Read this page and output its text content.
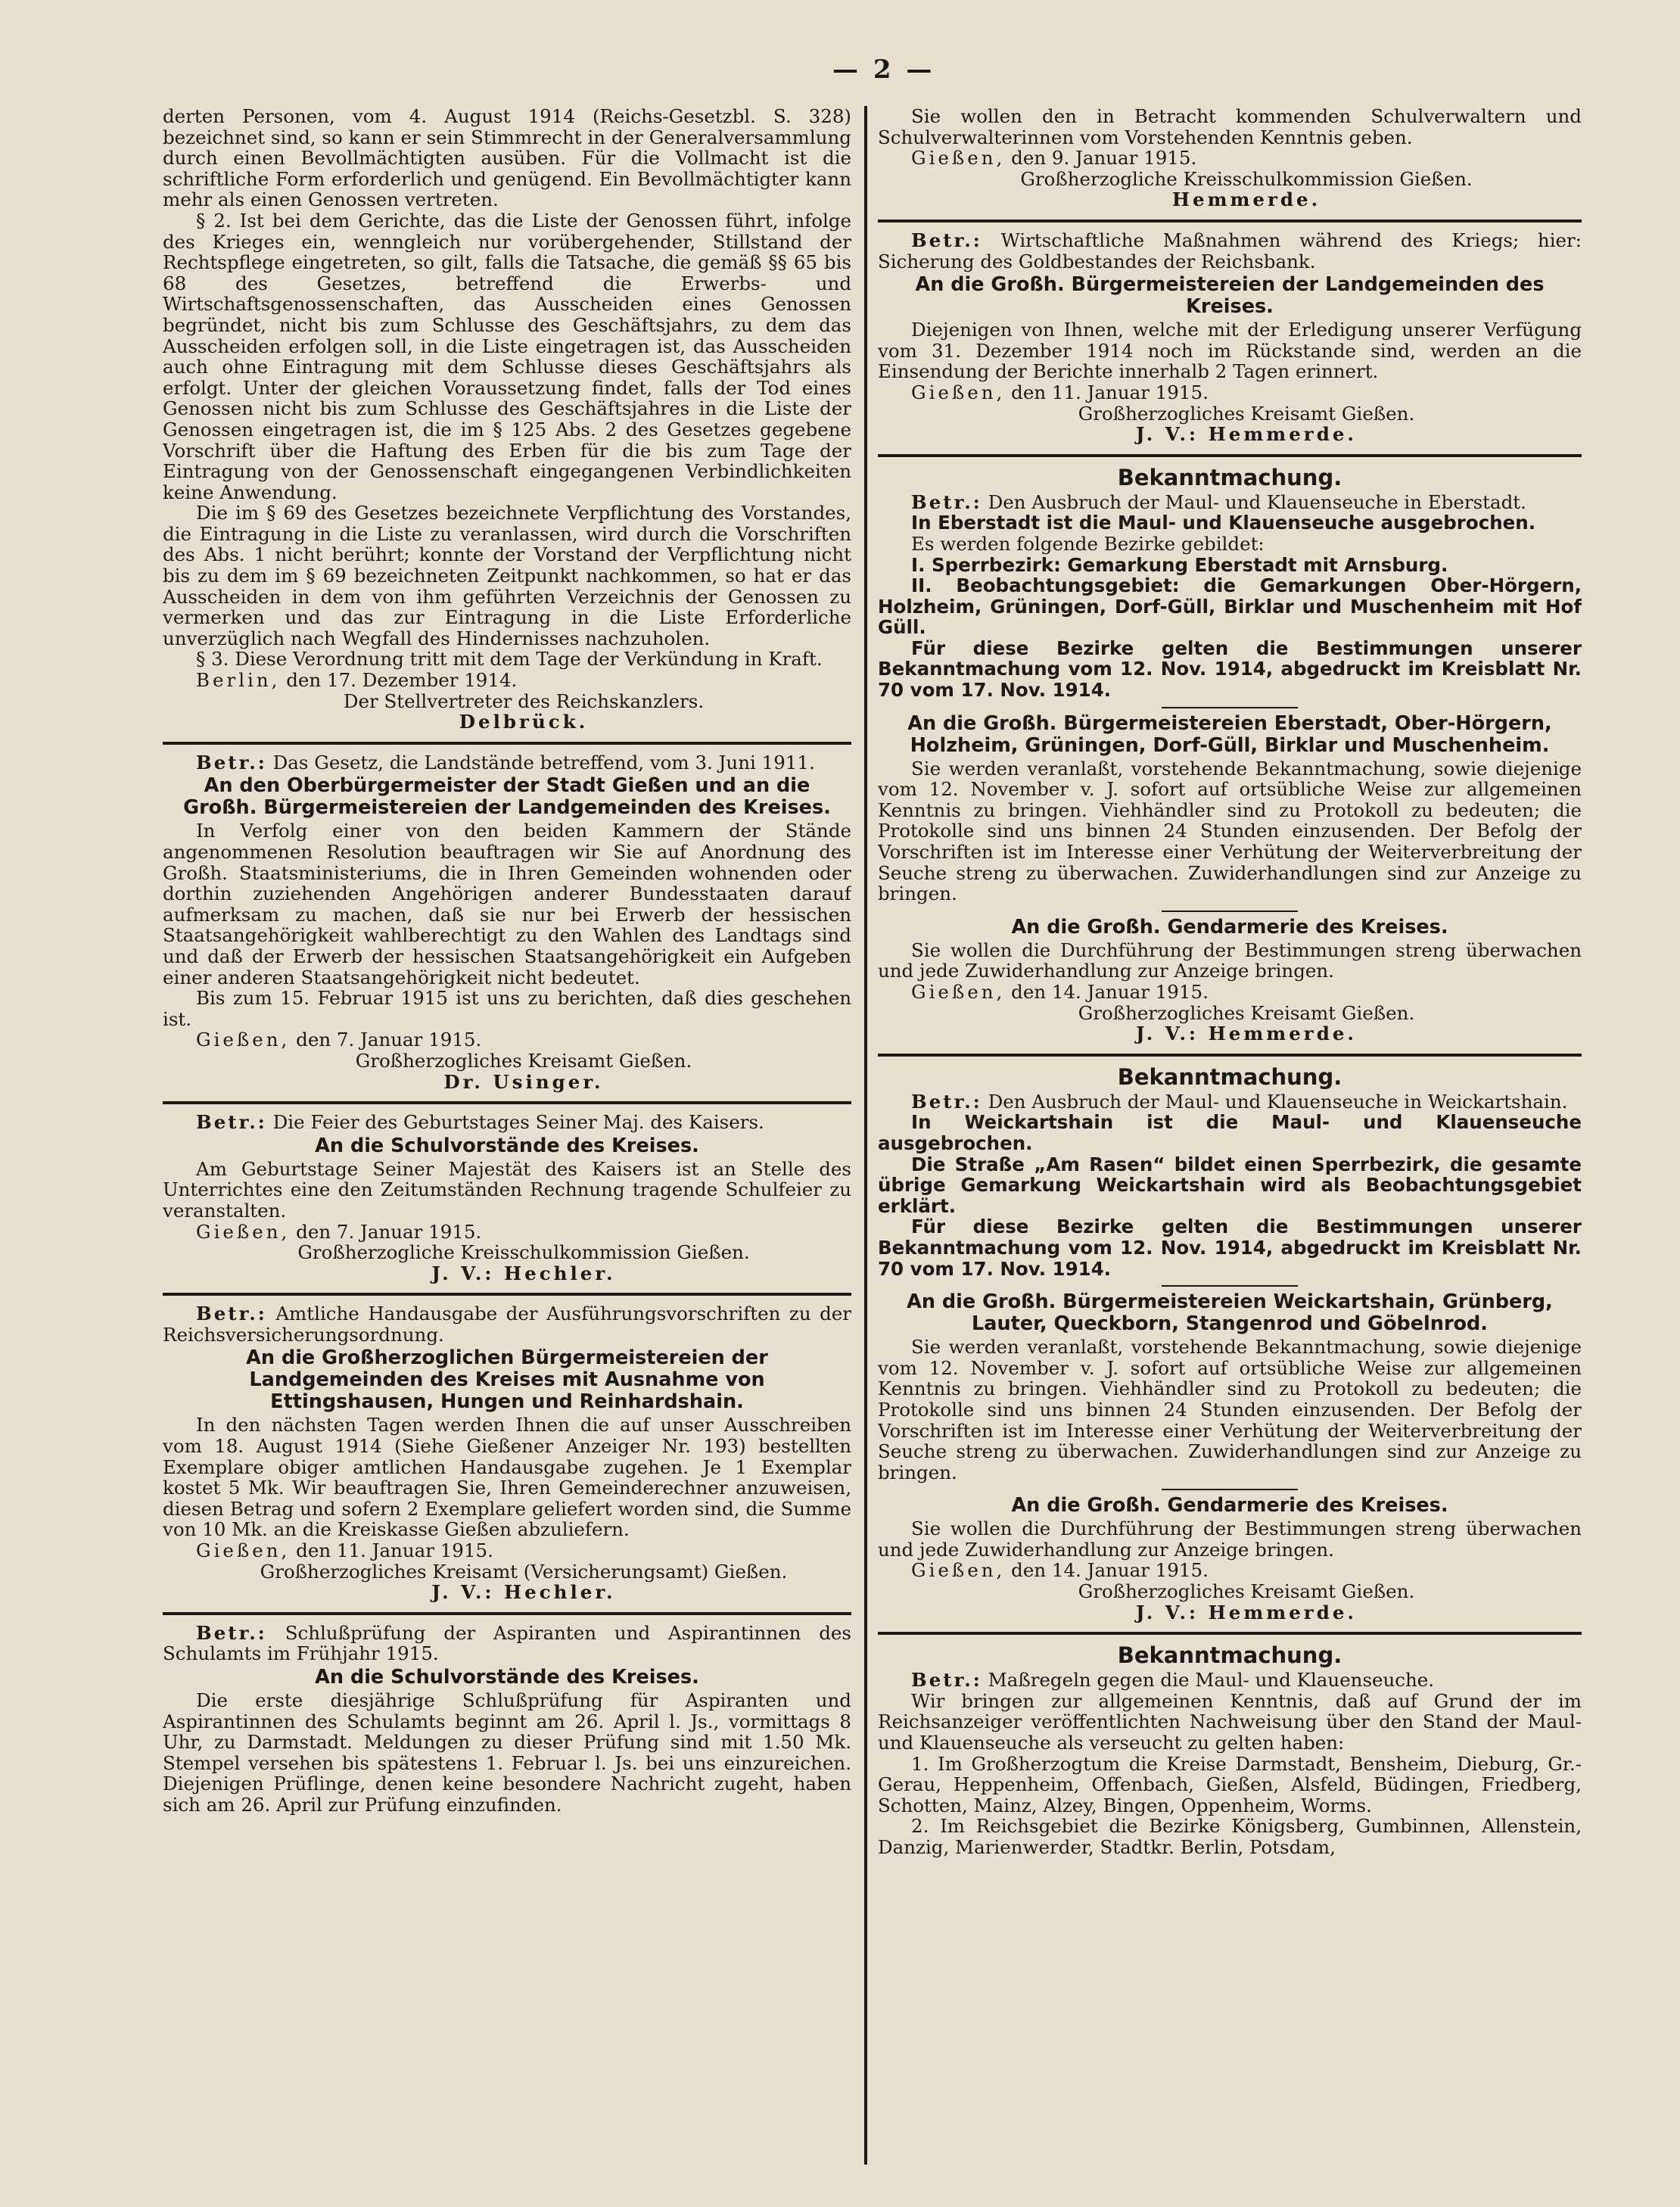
— 2 —

derten Personen, vom 4. August 1914 (Reichs-Gesetzbl. S. 328) bezeichnet sind, so kann er sein Stimmrecht in der Generalversammlung durch einen Bevollmächtigten ausüben. Für die Vollmacht ist die schriftliche Form erforderlich und genügend. Ein Bevollmächtigter kann mehr als einen Genossen vertreten.

§ 2. Ist bei dem Gerichte, das die Liste der Genossen führt, infolge des Krieges ein, wenngleich nur vorübergehender, Stillstand der Rechtspflege eingetreten, so gilt, falls die Tatsache, die gemäß §§ 65 bis 68 des Gesetzes, betreffend die Erwerbs- und Wirtschaftsgenossenschaften, das Ausscheiden eines Genossen begründet, nicht bis zum Schlusse des Geschäftsjahrs, zu dem das Ausscheiden erfolgen soll, in die Liste eingetragen ist, das Ausscheiden auch ohne Eintragung mit dem Schlusse dieses Geschäftsjahrs als erfolgt. Unter der gleichen Voraussetzung findet, falls der Tod eines Genossen nicht bis zum Schlusse des Geschäftsjahres in die Liste der Genossen eingetragen ist, die im § 125 Abs. 2 des Gesetzes gegebene Vorschrift über die Haftung des Erben für die bis zum Tage der Eintragung von der Genossenschaft eingegangenen Verbindlichkeiten keine Anwendung.

Die im § 69 des Gesetzes bezeichnete Verpflichtung des Vorstandes, die Eintragung in die Liste zu veranlassen, wird durch die Vorschriften des Abs. 1 nicht berührt; konnte der Vorstand der Verpflichtung nicht bis zu dem im § 69 bezeichneten Zeitpunkt nachkommen, so hat er das Ausscheiden in dem von ihm geführten Verzeichnis der Genossen zu vermerken und das zur Eintragung in die Liste Erforderliche unverzüglich nach Wegfall des Hindernisses nachzuholen.

§ 3. Diese Verordnung tritt mit dem Tage der Verkündung in Kraft.

Berlin, den 17. Dezember 1914.

Der Stellvertreter des Reichskanzlers.

Delbrück.

Betr.: Das Gesetz, die Landstände betreffend, vom 3. Juni 1911.

An den Oberbürgermeister der Stadt Gießen und an die Großh. Bürgermeistereien der Landgemeinden des Kreises.

In Verfolg einer von den beiden Kammern der Stände angenommenen Resolution beauftragen wir Sie auf Anordnung des Großh. Staatsministeriums, die in Ihren Gemeinden wohnenden oder dorthin zuziehenden Angehörigen anderer Bundesstaaten darauf aufmerksam zu machen, daß sie nur bei Erwerb der hessischen Staatsangehörigkeit wahlberechtigt zu den Wahlen des Landtags sind und daß der Erwerb der hessischen Staatsangehörigkeit ein Aufgeben einer anderen Staatsangehörigkeit nicht bedeutet.

Bis zum 15. Februar 1915 ist uns zu berichten, daß dies geschehen ist.

Gießen, den 7. Januar 1915.

Großherzogliches Kreisamt Gießen.

Dr. Usinger.

Betr.: Die Feier des Geburtstages Seiner Maj. des Kaisers.

An die Schulvorstände des Kreises.

Am Geburtstage Seiner Majestät des Kaisers ist an Stelle des Unterrichtes eine den Zeitumständen Rechnung tragende Schulfeier zu veranstalten.

Gießen, den 7. Januar 1915.

Großherzogliche Kreisschulkommission Gießen.

J. V.: Hechler.

Betr.: Amtliche Handausgabe der Ausführungsvorschriften zu der Reichsversicherungsordnung.

An die Großherzoglichen Bürgermeistereien der Landgemeinden des Kreises mit Ausnahme von Ettingshausen, Hungen und Reinhardshain.

In den nächsten Tagen werden Ihnen die auf unser Ausschreiben vom 18. August 1914 (Siehe Gießener Anzeiger Nr. 193) bestellten Exemplare obiger amtlichen Handausgabe zugehen. Je 1 Exemplar kostet 5 Mk. Wir beauftragen Sie, Ihren Gemeinderechner anzuweisen, diesen Betrag und sofern 2 Exemplare geliefert worden sind, die Summe von 10 Mk. an die Kreiskasse Gießen abzuliefern.

Gießen, den 11. Januar 1915.

Großherzogliches Kreisamt (Versicherungsamt) Gießen.

J. V.: Hechler.

Betr.: Schlußprüfung der Aspiranten und Aspirantinnen des Schulamts im Frühjahr 1915.

An die Schulvorstände des Kreises.

Die erste diesjährige Schlußprüfung für Aspiranten und Aspirantinnen des Schulamts beginnt am 26. April l. Js., vormittags 8 Uhr, zu Darmstadt. Meldungen zu dieser Prüfung sind mit 1.50 Mk. Stempel versehen bis spätestens 1. Februar l. Js. bei uns einzureichen. Diejenigen Prüflinge, denen keine besondere Nachricht zugeht, haben sich am 26. April zur Prüfung einzufinden.

Sie wollen den in Betracht kommenden Schulverwaltern und Schulverwalterinnen vom Vorstehenden Kenntnis geben.

Gießen, den 9. Januar 1915.

Großherzogliche Kreisschulkommission Gießen.

Hemmerde.

Betr.: Wirtschaftliche Maßnahmen während des Kriegs; hier: Sicherung des Goldbestandes der Reichsbank.

An die Großh. Bürgermeistereien der Landgemeinden des Kreises.

Diejenigen von Ihnen, welche mit der Erledigung unserer Verfügung vom 31. Dezember 1914 noch im Rückstande sind, werden an die Einsendung der Berichte innerhalb 2 Tagen erinnert.

Gießen, den 11. Januar 1915.

Großherzogliches Kreisamt Gießen.

J. V.: Hemmerde.

Bekanntmachung.

Betr.: Den Ausbruch der Maul- und Klauenseuche in Eberstadt.

In Eberstadt ist die Maul- und Klauenseuche ausgebrochen.

Es werden folgende Bezirke gebildet:

I. Sperrbezirk: Gemarkung Eberstadt mit Arnsburg.

II. Beobachtungsgebiet: die Gemarkungen Ober-Hörgern, Holzheim, Grüningen, Dorf-Güll, Birklar und Muschenheim mit Hof Güll.

Für diese Bezirke gelten die Bestimmungen unserer Bekanntmachung vom 12. Nov. 1914, abgedruckt im Kreisblatt Nr. 70 vom 17. Nov. 1914.

An die Großh. Bürgermeistereien Eberstadt, Ober-Hörgern, Holzheim, Grüningen, Dorf-Güll, Birklar und Muschenheim.

Sie werden veranlaßt, vorstehende Bekanntmachung, sowie diejenige vom 12. November v. J. sofort auf ortsübliche Weise zur allgemeinen Kenntnis zu bringen. Viehhändler sind zu Protokoll zu bedeuten; die Protokolle sind uns binnen 24 Stunden einzusenden. Der Befolg der Vorschriften ist im Interesse einer Verhütung der Weiterverbreitung der Seuche streng zu überwachen. Zuwiderhandlungen sind zur Anzeige zu bringen.

An die Großh. Gendarmerie des Kreises.

Sie wollen die Durchführung der Bestimmungen streng überwachen und jede Zuwiderhandlung zur Anzeige bringen.

Gießen, den 14. Januar 1915.

Großherzogliches Kreisamt Gießen.

J. V.: Hemmerde.

Bekanntmachung.

Betr.: Den Ausbruch der Maul- und Klauenseuche in Weickartshain.

In Weickartshain ist die Maul- und Klauenseuche ausgebrochen.

Die Straße „Am Rasen“ bildet einen Sperrbezirk, die gesamte übrige Gemarkung Weickartshain wird als Beobachtungsgebiet erklärt.

Für diese Bezirke gelten die Bestimmungen unserer Bekanntmachung vom 12. Nov. 1914, abgedruckt im Kreisblatt Nr. 70 vom 17. Nov. 1914.

An die Großh. Bürgermeistereien Weickartshain, Grünberg, Lauter, Queckborn, Stangenrod und Göbelnrod.

Sie werden veranlaßt, vorstehende Bekanntmachung, sowie diejenige vom 12. November v. J. sofort auf ortsübliche Weise zur allgemeinen Kenntnis zu bringen. Viehhändler sind zu Protokoll zu bedeuten; die Protokolle sind uns binnen 24 Stunden einzusenden. Der Befolg der Vorschriften ist im Interesse einer Verhütung der Weiterverbreitung der Seuche streng zu überwachen. Zuwiderhandlungen sind zur Anzeige zu bringen.

An die Großh. Gendarmerie des Kreises.

Sie wollen die Durchführung der Bestimmungen streng überwachen und jede Zuwiderhandlung zur Anzeige bringen.

Gießen, den 14. Januar 1915.

Großherzogliches Kreisamt Gießen.

J. V.: Hemmerde.

Bekanntmachung.

Betr.: Maßregeln gegen die Maul- und Klauenseuche.

Wir bringen zur allgemeinen Kenntnis, daß auf Grund der im Reichsanzeiger veröffentlichten Nachweisung über den Stand der Maul- und Klauenseuche als verseucht zu gelten haben:

1. Im Großherzogtum die Kreise Darmstadt, Bensheim, Dieburg, Gr.-Gerau, Heppenheim, Offenbach, Gießen, Alsfeld, Büdingen, Friedberg, Schotten, Mainz, Alzey, Bingen, Oppenheim, Worms.

2. Im Reichsgebiet die Bezirke Königsberg, Gumbinnen, Allenstein, Danzig, Marienwerder, Stadtkr. Berlin, Potsdam,
